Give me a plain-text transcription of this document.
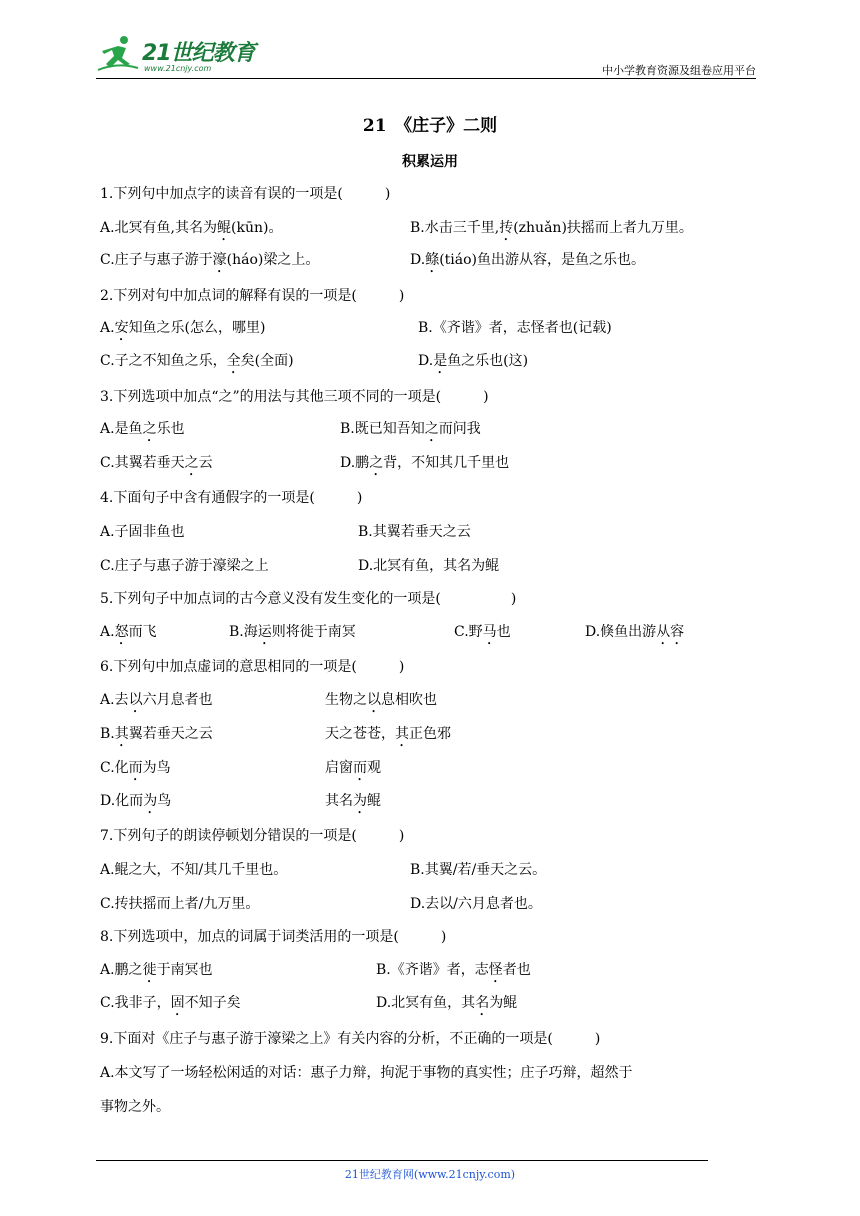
21世纪教育
www.21cnjy.com	中小学教育资源及组卷应用平台
21　《庄子》二则
积累运用
1.下列句中加点字的读音有误的一项是(　　　)
A.北冥有鱼,其名为鲲(kūn)。	B.水击三千里,抟(zhuǎn)扶摇而上者九万里。
C.庄子与惠子游于濠(háo)梁之上。	D.鲦(tiáo)鱼出游从容，是鱼之乐也。
2.下列对句中加点词的解释有误的一项是(　　　)
A.安知鱼之乐(怎么，哪里)	B.《齐谐》者，志怪者也(记载)
C.子之不知鱼之乐，全矣(全面)	D.是鱼之乐也(这)
3.下列选项中加点“之”的用法与其他三项不同的一项是(　　　)
A.是鱼之乐也	B.既已知吾知之而问我
C.其翼若垂天之云	D.鹏之背，不知其几千里也
4.下面句子中含有通假字的一项是(　　　)
A.子固非鱼也	B.其翼若垂天之云
C.庄子与惠子游于濠梁之上	D.北冥有鱼，其名为鲲
5.下列句子中加点词的古今意义没有发生变化的一项是(　　　　　)
A.怒而飞	B.海运则将徙于南冥	C.野马也	D.倏鱼出游从容
6.下列句中加点虚词的意思相同的一项是(　　　)
A.去以六月息者也	生物之以息相吹也
B.其翼若垂天之云	天之苍苍，其正色邪
C.化而为鸟	启窗而观
D.化而为鸟	其名为鲲
7.下列句子的朗读停顿划分错误的一项是(　　　)
A.鲲之大，不知/其几千里也。	B.其翼/若/垂天之云。
C.抟扶摇而上者/九万里。	D.去以/六月息者也。
8.下列选项中，加点的词属于词类活用的一项是(　　　)
A.鹏之徙于南冥也	B.《齐谐》者，志怪者也
C.我非子，固不知子矣	D.北冥有鱼，其名为鲲
9.下面对《庄子与惠子游于濠梁之上》有关内容的分析，不正确的一项是(　　　)
A.本文写了一场轻松闲适的对话：惠子力辩，拘泥于事物的真实性；庄子巧辩，超然于
事物之外。
21世纪教育网(www.21cnjy.com)
